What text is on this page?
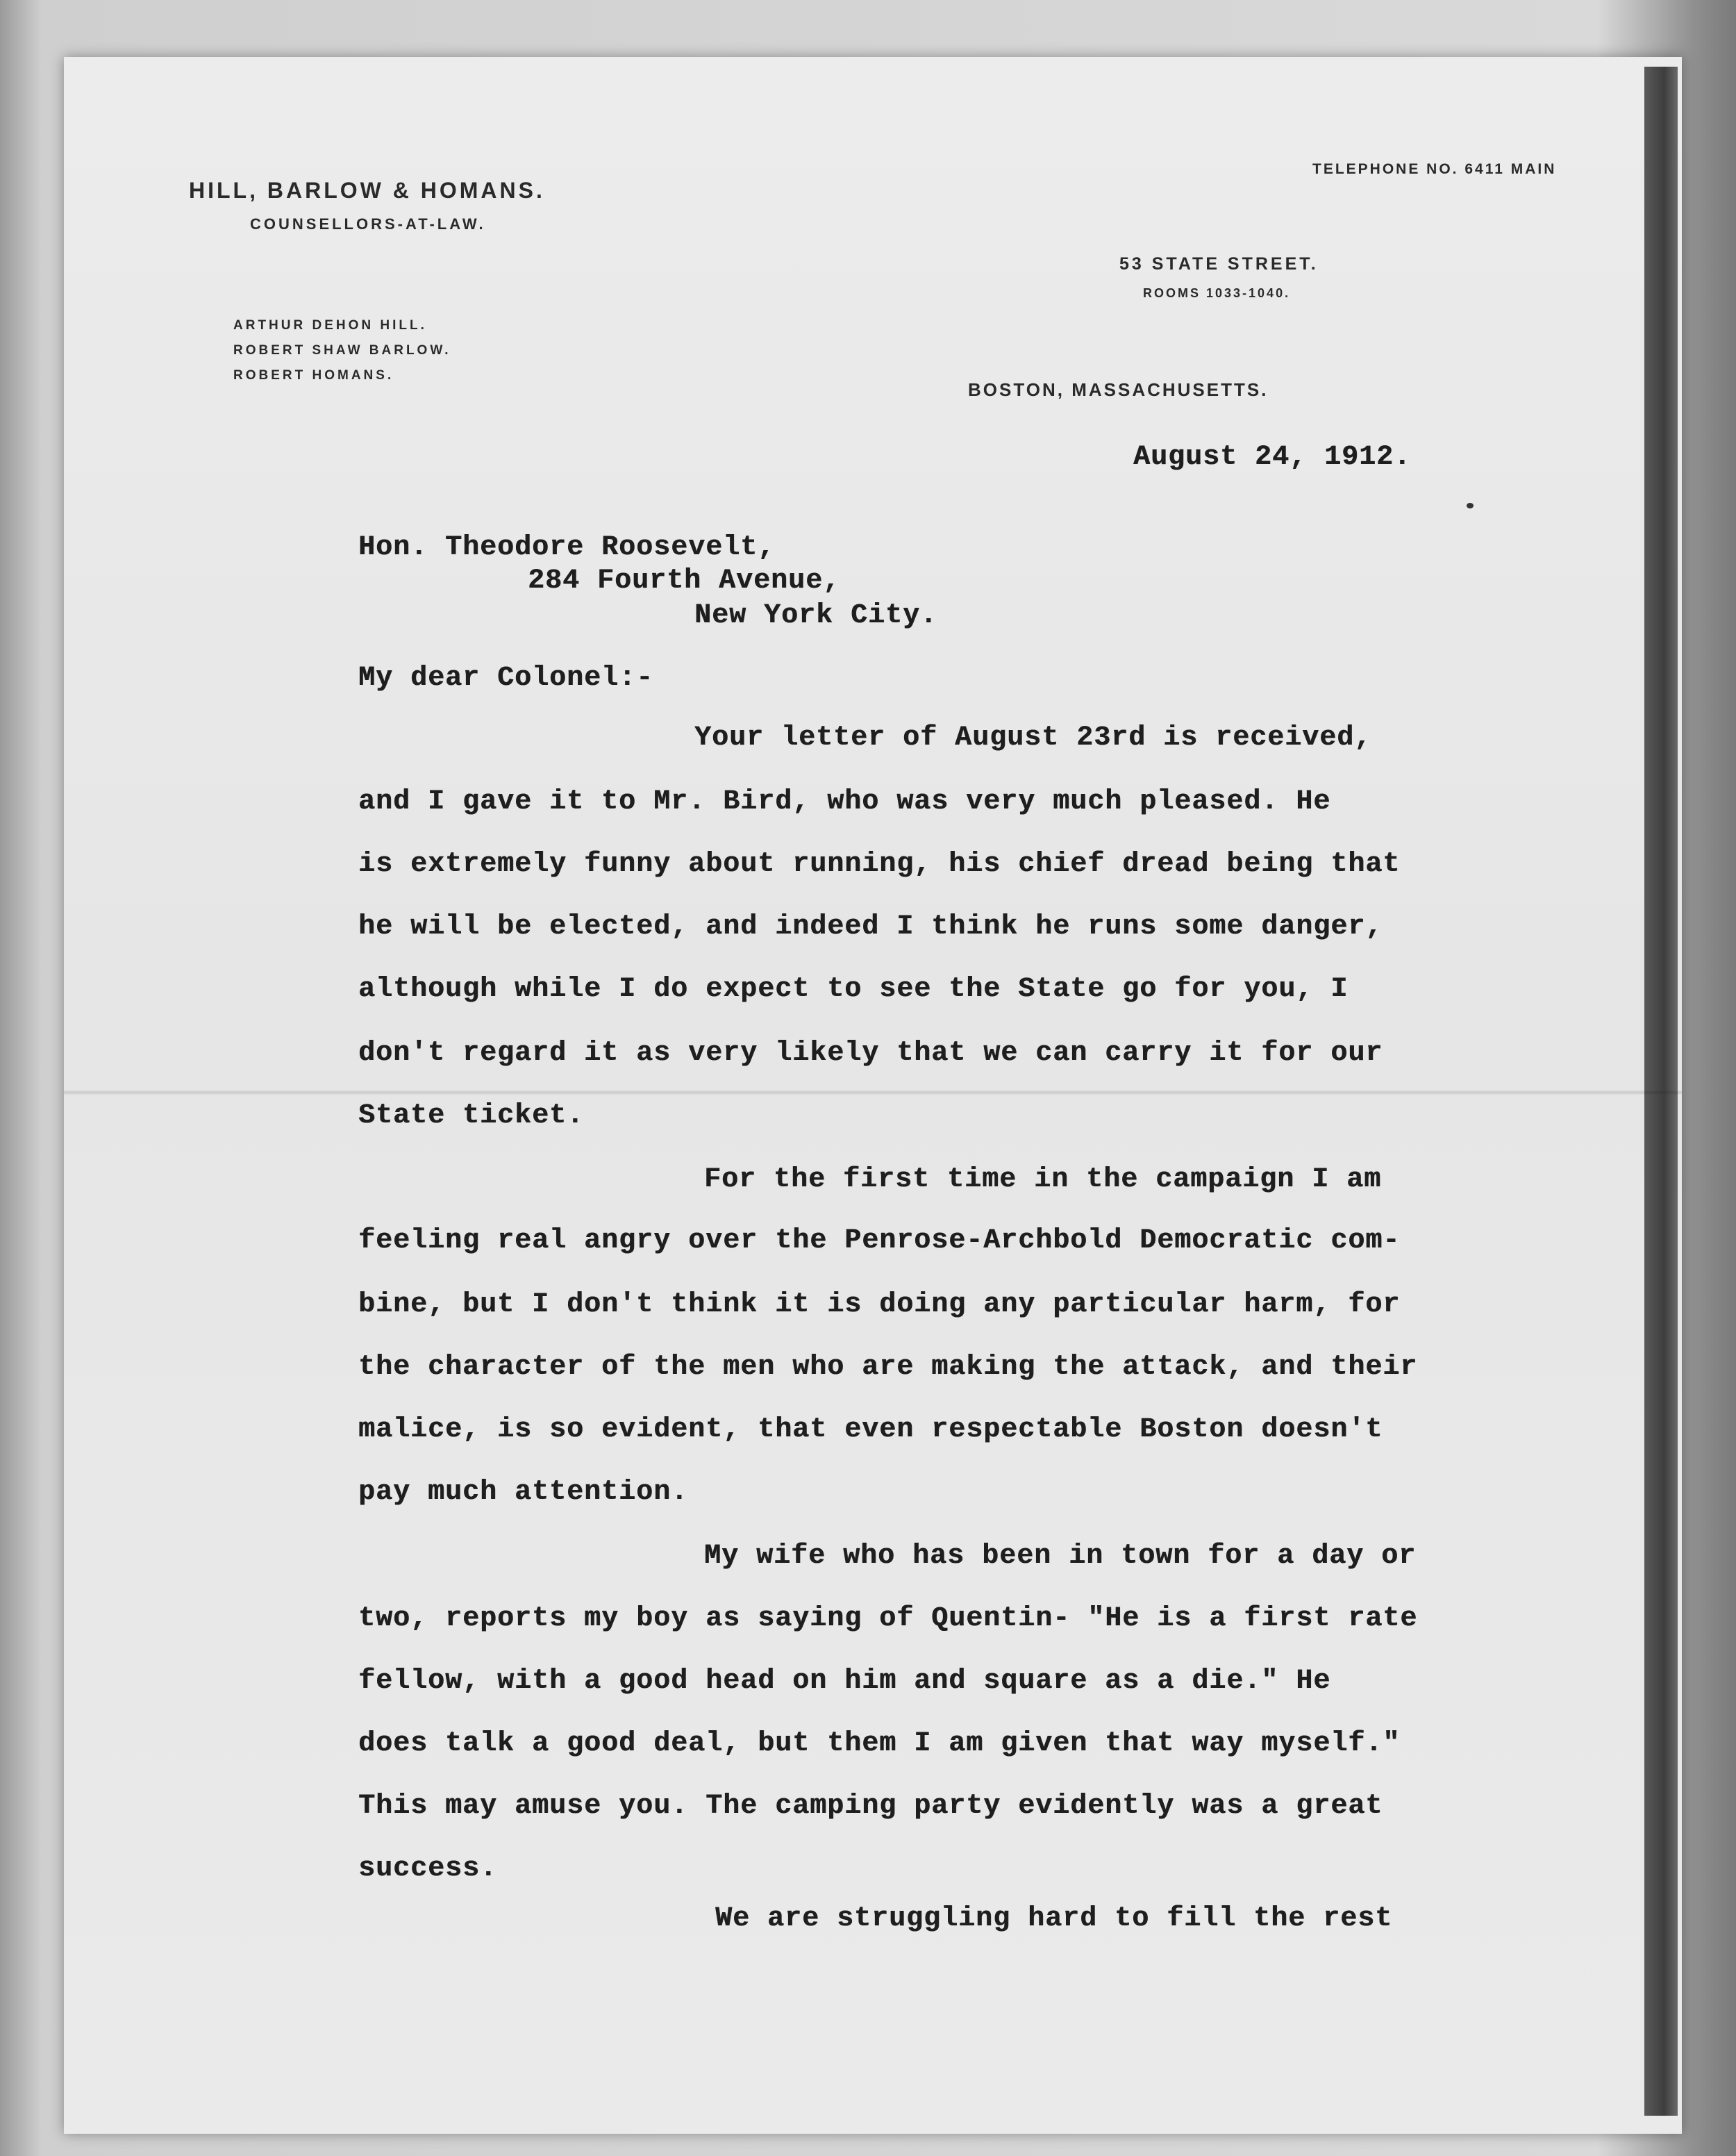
HILL, BARLOW & HOMANS.
COUNSELLORS-AT-LAW.
TELEPHONE NO. 6411 MAIN
53 STATE STREET.
ROOMS 1033-1040.
ARTHUR DEHON HILL.
ROBERT SHAW BARLOW.
ROBERT HOMANS.
BOSTON, MASSACHUSETTS.
August 24, 1912.
Hon. Theodore Roosevelt,
284 Fourth Avenue,
New York City.
My dear Colonel:-
Your letter of August 23rd is received,
and I gave it to Mr. Bird, who was very much pleased. He
is extremely funny about running, his chief dread being that
he will be elected, and indeed I think he runs some danger,
although while I do expect to see the State go for you, I
don't regard it as very likely that we can carry it for our
State ticket.
For the first time in the campaign I am
feeling real angry over the Penrose-Archbold Democratic com-
bine, but I don't think it is doing any particular harm, for
the character of the men who are making the attack, and their
malice, is so evident, that even respectable Boston doesn't
pay much attention.
My wife who has been in town for a day or
two, reports my boy as saying of Quentin- "He is a first rate
fellow, with a good head on him and square as a die." He
does talk a good deal, but them I am given that way myself."
This may amuse you. The camping party evidently was a great
success.
We are struggling hard to fill the rest
